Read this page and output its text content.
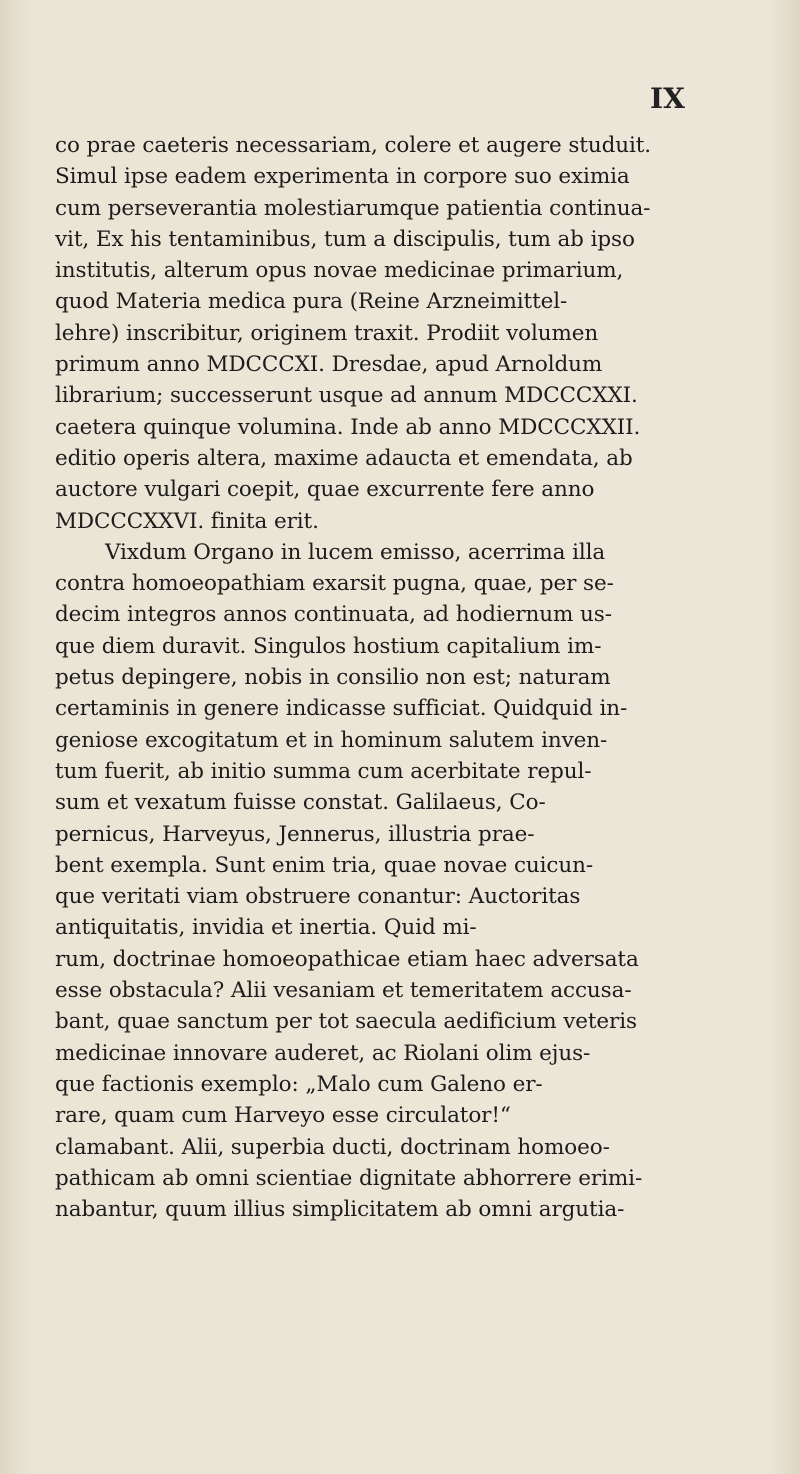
IX
co prae caeteris necessariam, colere et augere studuit.
Simul ipse eadem experimenta in corpore suo eximia
cum perseverantia molestiarumque patientia continua-
vit, Ex his tentaminibus, tum a discipulis, tum ab ipso
institutis, alterum opus novae medicinae primarium,
quod Materia medica pura (Reine Arzneimittel-
lehre) inscribitur, originem traxit. Prodiit volumen
primum anno MDCCCXI. Dresdae, apud Arnoldum
librarium; successerunt usque ad annum MDCCCXXI.
caetera quinque volumina. Inde ab anno MDCCCXXII.
editio operis altera, maxime adaucta et emendata, ab
auctore vulgari coepit, quae excurrente fere anno
MDCCCXXVI. finita erit.
Vixdum Organo in lucem emisso, acerrima illa
contra homoeopathiam exarsit pugna, quae, per se-
decim integros annos continuata, ad hodiernum us-
que diem duravit. Singulos hostium capitalium im-
petus depingere, nobis in consilio non est; naturam
certaminis in genere indicasse sufficiat. Quidquid in-
geniose excogitatum et in hominum salutem inven-
tum fuerit, ab initio summa cum acerbitate repul-
sum et vexatum fuisse constat. Galilaeus, Co-
pernicus, Harveyus, Jennerus, illustria prae-
bent exempla. Sunt enim tria, quae novae cuicun-
que veritati viam obstruere conantur: Auctoritas
antiquitatis, invidia et inertia. Quid mi-
rum, doctrinae homoeopathicae etiam haec adversata
esse obstacula? Alii vesaniam et temeritatem accusa-
bant, quae sanctum per tot saecula aedificium veteris
medicinae innovare auderet, ac Riolani olim ejus-
que factionis exemplo: „Malo cum Galeno er-
rare, quam cum Harveyo esse circulator!“
clamabant. Alii, superbia ducti, doctrinam homoeo-
pathicam ab omni scientiae dignitate abhorrere erimi-
nabantur, quum illius simplicitatem ab omni argutia-
